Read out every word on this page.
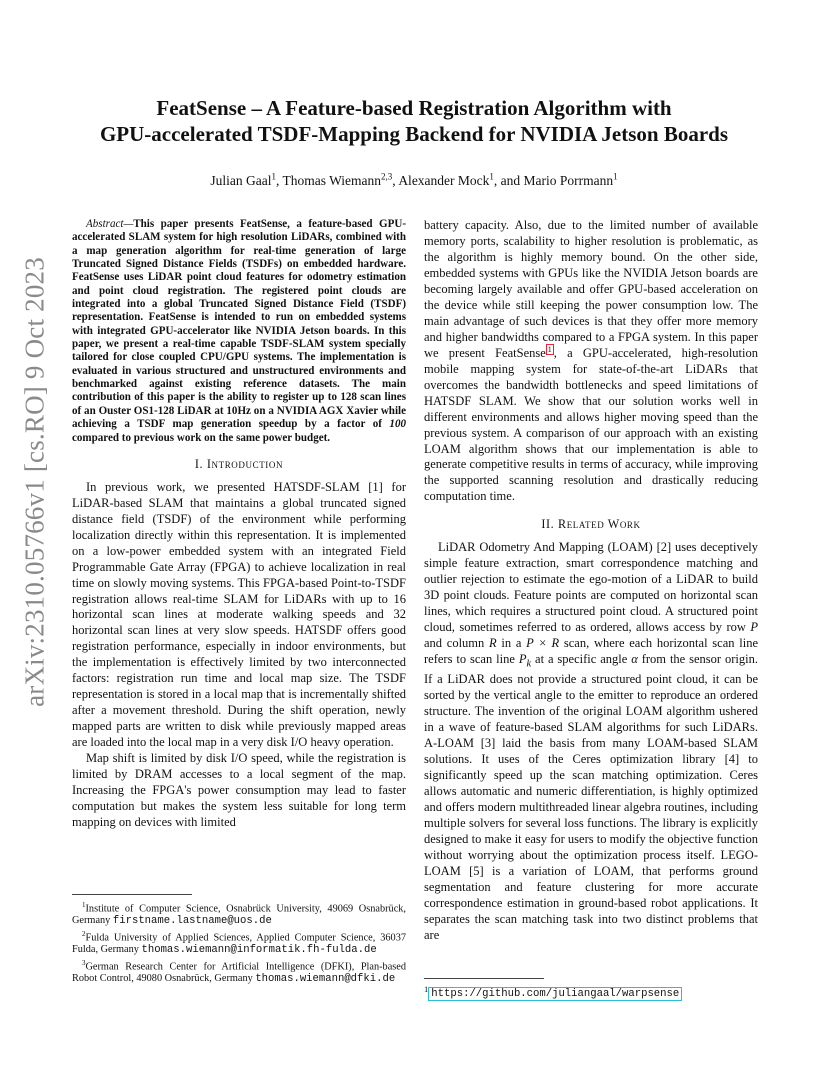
arXiv:2310.05766v1 [cs.RO] 9 Oct 2023
FeatSense – A Feature-based Registration Algorithm with
GPU-accelerated TSDF-Mapping Backend for NVIDIA Jetson Boards
Julian Gaal$^1$, Thomas Wiemann$^{2,3}$, Alexander Mock$^1$, and Mario Porrmann$^1$

Abstract—This paper presents FeatSense, a feature-based GPU-accelerated SLAM system for high resolution LiDARs, combined with a map generation algorithm for real-time generation of large Truncated Signed Distance Fields (TSDFs) on embedded hardware. FeatSense uses LiDAR point cloud features for odometry estimation and point cloud registration. The registered point clouds are integrated into a global Truncated Signed Distance Field (TSDF) representation. FeatSense is intended to run on embedded systems with integrated GPU-accelerator like NVIDIA Jetson boards. In this paper, we present a real-time capable TSDF-SLAM system specially tailored for close coupled CPU/GPU systems. The implementation is evaluated in various structured and unstructured environments and benchmarked against existing reference datasets. The main contribution of this paper is the ability to register up to 128 scan lines of an Ouster OS1-128 LiDAR at 10Hz on a NVIDIA AGX Xavier while achieving a TSDF map generation speedup by a factor of 100 compared to previous work on the same power budget.

I. Introduction

In previous work, we presented HATSDF-SLAM [1] for LiDAR-based SLAM that maintains a global truncated signed distance field (TSDF) of the environment while performing localization directly within this representation. It is implemented on a low-power embedded system with an integrated Field Programmable Gate Array (FPGA) to achieve localization in real time on slowly moving systems. This FPGA-based Point-to-TSDF registration allows real-time SLAM for LiDARs with up to 16 horizontal scan lines at moderate walking speeds and 32 horizontal scan lines at very slow speeds. HATSDF offers good registration performance, especially in indoor environments, but the implementation is effectively limited by two interconnected factors: registration run time and local map size. The TSDF representation is stored in a local map that is incrementally shifted after a movement threshold. During the shift operation, newly mapped parts are written to disk while previously mapped areas are loaded into the local map in a very disk I/O heavy operation.

Map shift is limited by disk I/O speed, while the registration is limited by DRAM accesses to a local segment of the map. Increasing the FPGA's power consumption may lead to faster computation but makes the system less suitable for long term mapping on devices with limited

$^1$Institute of Computer Science, Osnabrück University, 49069 Osnabrück, Germany firstname.lastname@uos.de

$^2$Fulda University of Applied Sciences, Applied Computer Science, 36037 Fulda, Germany thomas.wiemann@informatik.fh-fulda.de

$^3$German Research Center for Artificial Intelligence (DFKI), Plan-based Robot Control, 49080 Osnabrück, Germany thomas.wiemann@dfki.de

battery capacity. Also, due to the limited number of available memory ports, scalability to higher resolution is problematic, as the algorithm is highly memory bound. On the other side, embedded systems with GPUs like the NVIDIA Jetson boards are becoming largely available and offer GPU-based acceleration on the device while still keeping the power consumption low. The main advantage of such devices is that they offer more memory and higher bandwidths compared to a FPGA system. In this paper we present FeatSense $^1$ , a GPU-accelerated, high-resolution mobile mapping system for state-of-the-art LiDARs that overcomes the bandwidth bottlenecks and speed limitations of HATSDF SLAM. We show that our solution works well in different environments and allows higher moving speed than the previous system. A comparison of our approach with an existing LOAM algorithm shows that our implementation is able to generate competitive results in terms of accuracy, while improving the supported scanning resolution and drastically reducing computation time.

II. Related Work

LiDAR Odometry And Mapping (LOAM) [2] uses deceptively simple feature extraction, smart correspondence matching and outlier rejection to estimate the ego-motion of a LiDAR to build 3D point clouds. Feature points are computed on horizontal scan lines, which requires a structured point cloud. A structured point cloud, sometimes referred to as ordered, allows access by row P and column R in a P × R scan, where each horizontal scan line refers to scan line $P_k$ at a specific angle α from the sensor origin. If a LiDAR does not provide a structured point cloud, it can be sorted by the vertical angle to the emitter to reproduce an ordered structure. The invention of the original LOAM algorithm ushered in a wave of feature-based SLAM algorithms for such LiDARs. A-LOAM [3] laid the basis from many LOAM-based SLAM solutions. It uses of the Ceres optimization library [4] to significantly speed up the scan matching optimization. Ceres allows automatic and numeric differentiation, is highly optimized and offers modern multithreaded linear algebra routines, including multiple solvers for several loss functions. The library is explicitly designed to make it easy for users to modify the objective function without worrying about the optimization process itself. LEGO-LOAM [5] is a variation of LOAM, that performs ground segmentation and feature clustering for more accurate correspondence estimation in ground-based robot applications. It separates the scan matching task into two distinct problems that are

$^1$ https://github.com/juliangaal/warpsense
